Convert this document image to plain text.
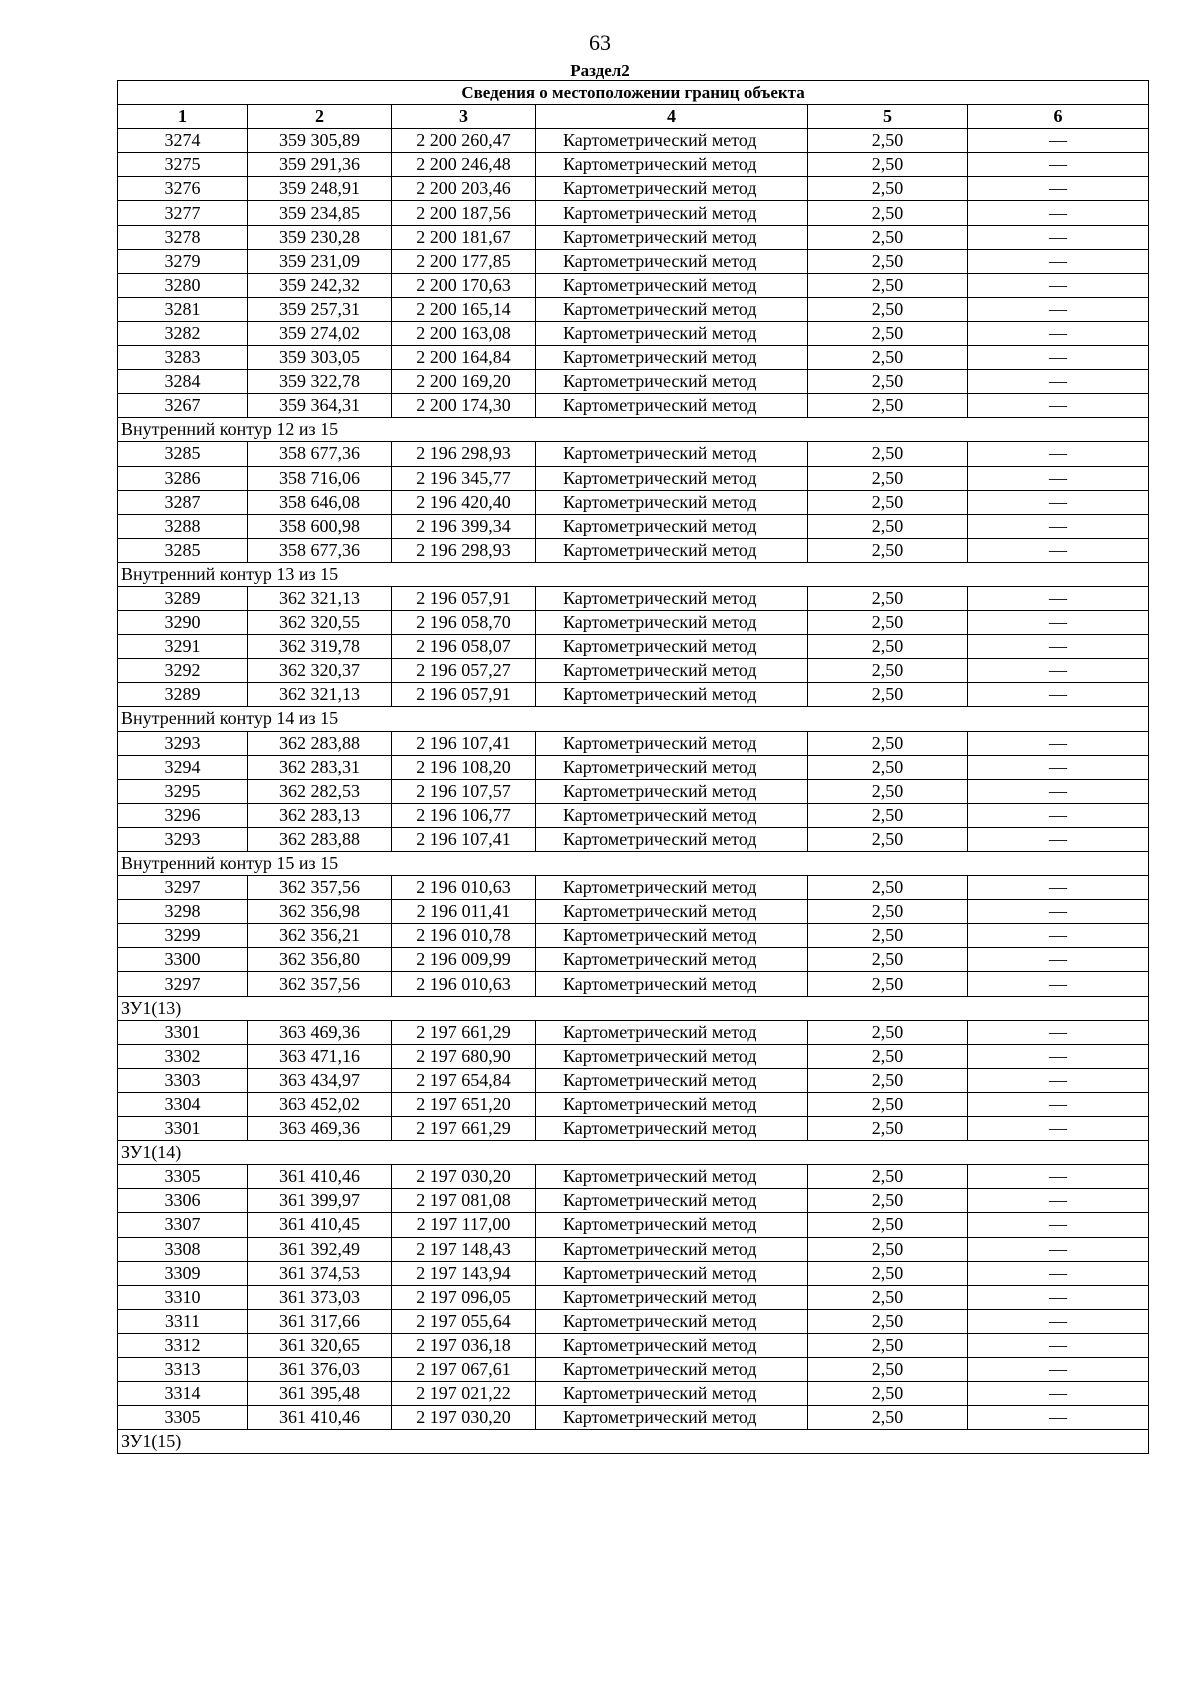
63
Раздел2
Сведения о местоположении границ объекта					
1	2	3	4	5	6
3274	359 305,89	2 200 260,47	Картометрический метод	2,50	—
3275	359 291,36	2 200 246,48	Картометрический метод	2,50	—
3276	359 248,91	2 200 203,46	Картометрический метод	2,50	—
3277	359 234,85	2 200 187,56	Картометрический метод	2,50	—
3278	359 230,28	2 200 181,67	Картометрический метод	2,50	—
3279	359 231,09	2 200 177,85	Картометрический метод	2,50	—
3280	359 242,32	2 200 170,63	Картометрический метод	2,50	—
3281	359 257,31	2 200 165,14	Картометрический метод	2,50	—
3282	359 274,02	2 200 163,08	Картометрический метод	2,50	—
3283	359 303,05	2 200 164,84	Картометрический метод	2,50	—
3284	359 322,78	2 200 169,20	Картометрический метод	2,50	—
3267	359 364,31	2 200 174,30	Картометрический метод	2,50	—
Внутренний контур 12 из 15					
3285	358 677,36	2 196 298,93	Картометрический метод	2,50	—
3286	358 716,06	2 196 345,77	Картометрический метод	2,50	—
3287	358 646,08	2 196 420,40	Картометрический метод	2,50	—
3288	358 600,98	2 196 399,34	Картометрический метод	2,50	—
3285	358 677,36	2 196 298,93	Картометрический метод	2,50	—
Внутренний контур 13 из 15					
3289	362 321,13	2 196 057,91	Картометрический метод	2,50	—
3290	362 320,55	2 196 058,70	Картометрический метод	2,50	—
3291	362 319,78	2 196 058,07	Картометрический метод	2,50	—
3292	362 320,37	2 196 057,27	Картометрический метод	2,50	—
3289	362 321,13	2 196 057,91	Картометрический метод	2,50	—
Внутренний контур 14 из 15					
3293	362 283,88	2 196 107,41	Картометрический метод	2,50	—
3294	362 283,31	2 196 108,20	Картометрический метод	2,50	—
3295	362 282,53	2 196 107,57	Картометрический метод	2,50	—
3296	362 283,13	2 196 106,77	Картометрический метод	2,50	—
3293	362 283,88	2 196 107,41	Картометрический метод	2,50	—
Внутренний контур 15 из 15					
3297	362 357,56	2 196 010,63	Картометрический метод	2,50	—
3298	362 356,98	2 196 011,41	Картометрический метод	2,50	—
3299	362 356,21	2 196 010,78	Картометрический метод	2,50	—
3300	362 356,80	2 196 009,99	Картометрический метод	2,50	—
3297	362 357,56	2 196 010,63	Картометрический метод	2,50	—
ЗУ1(13)					
3301	363 469,36	2 197 661,29	Картометрический метод	2,50	—
3302	363 471,16	2 197 680,90	Картометрический метод	2,50	—
3303	363 434,97	2 197 654,84	Картометрический метод	2,50	—
3304	363 452,02	2 197 651,20	Картометрический метод	2,50	—
3301	363 469,36	2 197 661,29	Картометрический метод	2,50	—
ЗУ1(14)					
3305	361 410,46	2 197 030,20	Картометрический метод	2,50	—
3306	361 399,97	2 197 081,08	Картометрический метод	2,50	—
3307	361 410,45	2 197 117,00	Картометрический метод	2,50	—
3308	361 392,49	2 197 148,43	Картометрический метод	2,50	—
3309	361 374,53	2 197 143,94	Картометрический метод	2,50	—
3310	361 373,03	2 197 096,05	Картометрический метод	2,50	—
3311	361 317,66	2 197 055,64	Картометрический метод	2,50	—
3312	361 320,65	2 197 036,18	Картометрический метод	2,50	—
3313	361 376,03	2 197 067,61	Картометрический метод	2,50	—
3314	361 395,48	2 197 021,22	Картометрический метод	2,50	—
3305	361 410,46	2 197 030,20	Картометрический метод	2,50	—
ЗУ1(15)					
